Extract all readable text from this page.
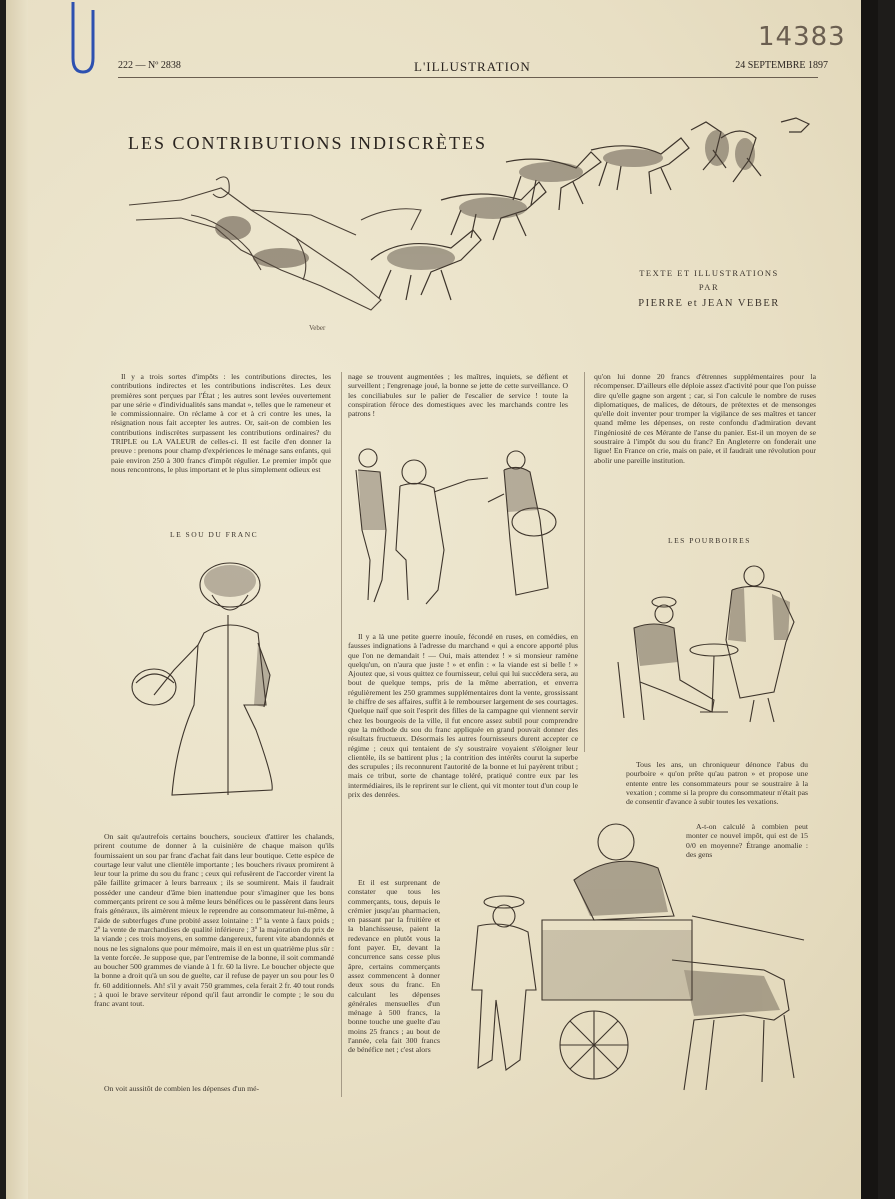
14383
222 — Nº 2838	L'ILLUSTRATION	24 SEPTEMBRE 1897
LES CONTRIBUTIONS INDISCRÈTES
Veber
TEXTE ET ILLUSTRATIONS
PAR
PIERRE et JEAN VEBER

Il y a trois sortes d'impôts : les contributions directes, les contributions indirectes et les contributions indiscrètes. Les deux premières sont perçues par l'État ; les autres sont levées ouvertement par une série « d'individualités sans mandat », telles que le rameneur et le commissionnaire. On réclame à cor et à cri contre les unes, la résignation nous fait accepter les autres. Or, sait-on de combien les contributions indiscrètes surpassent les contributions ordinaires? du TRIPLE ou LA VALEUR de celles-ci. Il est facile d'en donner la preuve : prenons pour champ d'expériences le ménage sans enfants, qui paie environ 250 à 300 francs d'impôt régulier. Le premier impôt que nous rencontrons, le plus important et le plus simplement odieux est

LE SOU DU FRANC

On sait qu'autrefois certains bouchers, soucieux d'attirer les chalands, prirent coutume de donner à la cuisinière de chaque maison qu'ils fournissaient un sou par franc d'achat fait dans leur boutique. Cette espèce de courtage leur valut une clientèle importante ; les bouchers rivaux promirent à leur tour la prime du sou du franc ; ceux qui refusèrent de l'accorder virent la pâle faillite grimacer à leurs barreaux ; ils se soumirent. Mais il faudrait posséder une candeur d'âme bien inattendue pour s'imaginer que les bons commerçants prirent ce sou à même leurs bénéfices ou le passèrent dans leurs frais généraux, ils aimèrent mieux le reprendre au consommateur lui-même, à l'aide de subterfuges d'une probité assez lointaine : 1º la vente à faux poids ; 2º la vente de marchandises de qualité inférieure ; 3º la majoration du prix de la viande ; ces trois moyens, en somme dangereux, furent vite abandonnés et nous ne les signalons que pour mémoire, mais il en est un quatrième plus sûr : la vente forcée. Je suppose que, par l'entremise de la bonne, il soit commandé au boucher 500 grammes de viande à 1 fr. 60 la livre. Le boucher objecte que la bonne a droit qu'à un sou de guelte, car il refuse de payer un sou pour les 0 fr. 60 additionnels. Ah! s'il y avait 750 grammes, cela ferait 2 fr. 40 tout ronds ; à quoi le brave serviteur répond qu'il faut arrondir le compte ; le sou du franc avant tout.

On voit aussitôt de combien les dépenses d'un mé-

nage se trouvent augmentées ; les maîtres, inquiets, se défient et surveillent ; l'engrenage joué, la bonne se jette de cette surveillance. O les conciliabules sur le palier de l'escalier de service ! toute la conspiration féroce des domestiques avec les marchands contre les patrons !

Il y a là une petite guerre inouïe, fécondé en ruses, en comédies, en fausses indignations à l'adresse du marchand « qui a encore apporté plus que l'on ne demandait ! — Oui, mais attendez ! » si monsieur ramène quelqu'un, on n'aura que juste ! » et enfin : « la viande est si belle ! » Ajoutez que, si vous quittez ce fournisseur, celui qui lui succédera sera, au bout de quelque temps, pris de la même aberration, et enverra régulièrement les 250 grammes supplémentaires dont la vente, grossissant le chiffre de ses affaires, suffit à le rembourser largement de ses courtages. Quelque naïf que soit l'esprit des filles de la campagne qui viennent servir chez les bourgeois de la ville, il fut encore assez subtil pour comprendre que la méthode du sou du franc appliquée en grand pouvait donner des résultats fructueux. Désormais les autres fournisseurs durent accepter ce régime ; ceux qui tentaient de s'y soustraire voyaient s'éloigner leur clientèle, ils se battirent plus ; la contrition des intérêts courut la superbe des scrupules ; ils reconnurent l'autorité de la bonne et lui payèrent tribut ; mais ce tribut, sorte de chantage toléré, pratiqué contre eux par les intermédiaires, ils le reprirent sur le client, qui vit monter tout d'un coup le prix des denrées.

Et il est surprenant de constater que tous les commerçants, tous, depuis le crémier jusqu'au pharmacien, en passant par la fruitière et la blanchisseuse, paient la redevance en plutôt vous la font payer. Et, devant la concurrence sans cesse plus âpre, certains commerçants assez commencent à donner deux sous du franc. En calculant les dépenses générales mensuelles d'un ménage à 500 francs, la bonne touche une guelte d'au moins 25 francs ; au bout de l'année, cela fait 300 francs de bénéfice net ; c'est alors

qu'on lui donne 20 francs d'étrennes supplémentaires pour la récompenser. D'ailleurs elle déploie assez d'activité pour que l'on puisse dire qu'elle gagne son argent ; car, si l'on calcule le nombre de ruses diplomatiques, de malices, de détours, de prétextes et de mensonges qu'elle doit inventer pour tromper la vigilance de ses maîtres et tancer quand même les dépenses, on reste confondu d'admiration devant l'ingéniosité de ces Mérante de l'anse du panier. Est-il un moyen de se soustraire à l'impôt du sou du franc? En Angleterre on fonderait une ligue! En France on crie, mais on paie, et il faudrait une révolution pour abolir une pareille institution.

LES POURBOIRES

Tous les ans, un chroniqueur dénonce l'abus du pourboire « qu'on prête qu'au patron » et propose une entente entre les consommateurs pour se soustraire à la vexation ; comme si la propre du consommateur n'était pas de consentir d'avance à subir toutes les vexations.

A-t-on calculé à combien peut monter ce nouvel impôt, qui est de 15 0/0 en moyenne? Étrange anomalie : des gens
